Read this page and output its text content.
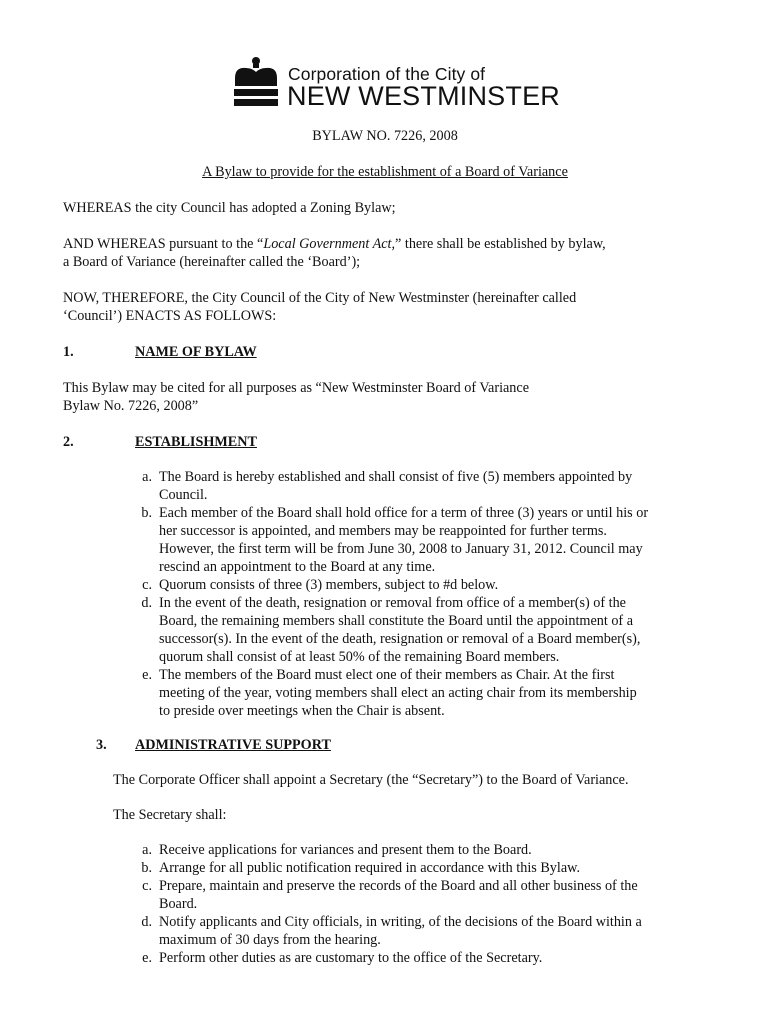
Corporation of the City of
NEW WESTMINSTER
BYLAW NO. 7226, 2008
A Bylaw to provide for the establishment of a Board of Variance
WHEREAS the city Council has adopted a Zoning Bylaw;
AND WHEREAS pursuant to the “Local Government Act,” there shall be established by bylaw,
a Board of Variance (hereinafter called the ‘Board’);
NOW, THEREFORE, the City Council of the City of New Westminster (hereinafter called
‘Council’) ENACTS AS FOLLOWS:
1.	NAME OF BYLAW
This Bylaw may be cited for all purposes as “New Westminster Board of Variance
Bylaw No. 7226, 2008”
2.	ESTABLISHMENT
a. The Board is hereby established and shall consist of five (5) members appointed by
Council.
b. Each member of the Board shall hold office for a term of three (3) years or until his or
her successor is appointed, and members may be reappointed for further terms.
However, the first term will be from June 30, 2008 to January 31, 2012. Council may
rescind an appointment to the Board at any time.
c. Quorum consists of three (3) members, subject to #d below.
d. In the event of the death, resignation or removal from office of a member(s) of the
Board, the remaining members shall constitute the Board until the appointment of a
successor(s). In the event of the death, resignation or removal of a Board member(s),
quorum shall consist of at least 50% of the remaining Board members.
e. The members of the Board must elect one of their members as Chair. At the first
meeting of the year, voting members shall elect an acting chair from its membership
to preside over meetings when the Chair is absent.
3. ADMINISTRATIVE SUPPORT
The Corporate Officer shall appoint a Secretary (the “Secretary”) to the Board of Variance.
The Secretary shall:
a. Receive applications for variances and present them to the Board.
b. Arrange for all public notification required in accordance with this Bylaw.
c. Prepare, maintain and preserve the records of the Board and all other business of the
Board.
d. Notify applicants and City officials, in writing, of the decisions of the Board within a
maximum of 30 days from the hearing.
e. Perform other duties as are customary to the office of the Secretary.
